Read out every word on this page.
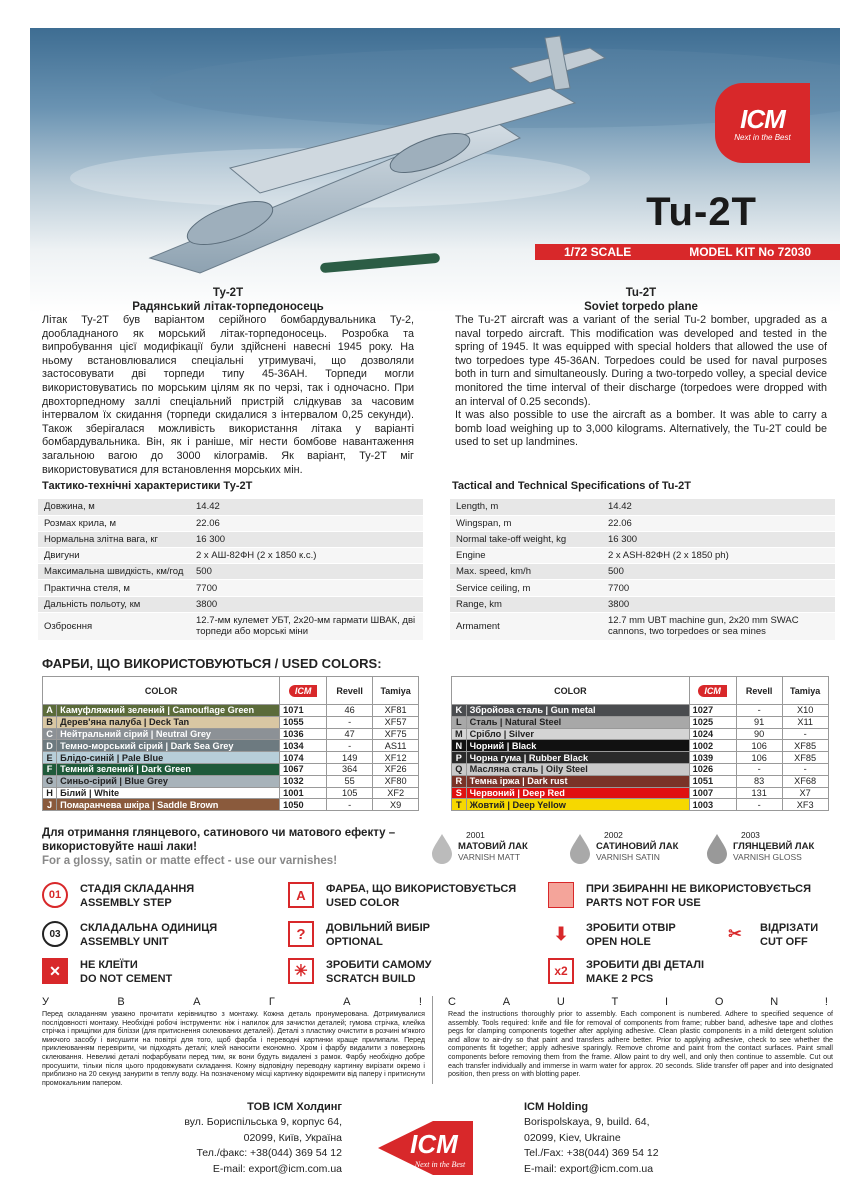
ICM
Next in the Best
Tu-2T
1/72 SCALE	MODEL KIT No 72030
Ту-2Т
Радянський літак-торпедоносець

Літак Ту-2Т був варіантом серійного бомбардувальника Ту-2, дообладнаного як морський літак-торпедоносець. Розробка та випробування цієї модифікації були здійснені навесні 1945 року. На ньому встановлювалися спеціальні утримувачі, що дозволяли застосовувати дві торпеди типу 45-36АН. Торпеди могли використовуватись по морським цілям як по черзі, так і одночасно. При двохторпедному заллі спеціальний пристрій слідкував за часовим інтервалом їх скидання (торпеди скидалися з інтервалом 0,25 секунди). Також зберігалася можливість використання літака у варіанті бомбардувальника. Він, як і раніше, міг нести бомбове навантаження загальною вагою до 3000 кілограмів. Як варіант, Ту-2Т міг використовуватися для встановлення морських мін.

Tu-2T
Soviet torpedo plane

The Tu-2T aircraft was a variant of the serial Tu-2 bomber, upgraded as a naval torpedo aircraft. This modification was developed and tested in the spring of 1945. It was equipped with special holders that allowed the use of two torpedoes type 45-36AN. Torpedoes could be used for naval purposes both in turn and simultaneously. During a two-torpedo volley, a special device monitored the time interval of their discharge (torpedoes were dropped with an interval of 0.25 seconds).

It was also possible to use the aircraft as a bomber. It was able to carry a bomb load weighing up to 3,000 kilograms. Alternatively, the Tu-2T could be used to set up landmines.

Тактико-технічні характеристики Ту-2Т
Довжина, м	14.42
Розмах крила, м	22.06
Нормальна злітна вага, кг	16 300
Двигуни	2 х АШ-82ФН (2 х 1850 к.с.)
Максимальна швидкість, км/год	500
Практична стеля, м	7700
Дальність польоту, км	3800
Озброєння	12.7-мм кулемет УБТ, 2х20-мм гармати ШВАК, дві торпеди або морські міни
Tactical and Technical Specifications of Tu-2T
Length, m	14.42
Wingspan, m	22.06
Normal take-off weight, kg	16 300
Engine	2 x ASH-82ФН (2 x 1850 ph)
Max. speed, km/h	500
Service ceiling, m	7700
Range, km	3800
Armament	12.7 mm UBT machine gun, 2x20 mm SWAC cannons, two torpedoes or sea mines
ФАРБИ, ЩО ВИКОРИСТОВУЮТЬСЯ / USED COLORS:
COLOR		ICM	Revell	Tamiya
A	Камуфляжний зелений | Camouflage Green	1071	46	XF81
B	Дерев'яна палуба | Deck Tan	1055	-	XF57
C	Нейтральний сірий | Neutral Grey	1036	47	XF75
D	Темно-морський сірий | Dark Sea Grey	1034	-	AS11
E	Блідо-синій | Pale Blue	1074	149	XF12
F	Темний зелений | Dark Green	1067	364	XF26
G	Синьо-сірий | Blue Grey	1032	55	XF80
H	Білий | White	1001	105	XF2
J	Помаранчева шкіра | Saddle Brown	1050	-	X9
COLOR		ICM	Revell	Tamiya
K	Збройова сталь | Gun metal	1027	-	X10
L	Сталь | Natural Steel	1025	91	X11
M	Срібло | Silver	1024	90	-
N	Чорний | Black	1002	106	XF85
P	Чорна гума | Rubber Black	1039	106	XF85
Q	Масляна сталь | Oily Steel	1026	-	-
R	Темна іржа | Dark rust	1051	83	XF68
S	Червоний | Deep Red	1007	131	X7
T	Жовтий | Deep Yellow	1003	-	XF3
Для отримання глянцевого, сатинового чи матового ефекту – використовуйте наші лаки!
For a glossy, satin or matte effect - use our varnishes!
2001
МАТОВИЙ ЛАК
VARNISH MATT
2002
САТИНОВИЙ ЛАК
VARNISH SATIN
2003
ГЛЯНЦЕВИЙ ЛАК
VARNISH GLOSS
01	СТАДІЯ СКЛАДАННЯ
ASSEMBLY STEP
03	СКЛАДАЛЬНА ОДИНИЦЯ
ASSEMBLY UNIT
✕	НЕ КЛЕЇТИ
DO NOT CEMENT
A	ФАРБА, ЩО ВИКОРИСТОВУЄТЬСЯ
USED COLOR
?	ДОВІЛЬНИЙ ВИБІР
OPTIONAL
✳	ЗРОБИТИ САМОМУ
SCRATCH BUILD
ПРИ ЗБИРАННІ НЕ ВИКОРИСТОВУЄТЬСЯ
PARTS NOT FOR USE
⬇	ЗРОБИТИ ОТВІР
OPEN HOLE
x2	ЗРОБИТИ ДВІ ДЕТАЛІ
MAKE 2 PCS
✂	ВІДРІЗАТИ
CUT OFF
У	В	А	Г	А	! C	A	U	T	I	O	N	!
Перед складанням уважно прочитати керівництво з монтажу. Кожна деталь пронумерована. Дотримувалися послідовності монтажу. Необхідні робочі інструменти: ніж і напилок для зачистки деталей; гумова стрічка, клейка стрічка і прищіпки для біліззи (для притиснення склеюваних деталей). Деталі з пластику очистити в розчині м'якого миючого засобу і висушити на повітрі для того, щоб фарба і переводні картинки краще прилипали. Перед приклеюванням перевірити, чи підходять деталі; клей наносити економно. Хром і фарбу видалити з поверхонь склеювання. Невеликі деталі пофарбувати перед тим, як вони будуть видалені з рамок. Фарбу необхідно добре просушити, тільки після цього продовжувати складання. Кожну відповідну переводну картинку вирізати окремо і приблизно на 20 секунд занурити в теплу воду. На позначеному місці картинку відокремити від паперу і притиснути промокальним папером.
Read the instructions thoroughly prior to assembly. Each component is numbered. Adhere to specified sequence of assembly. Tools required: knife and file for removal of components from frame; rubber band, adhesive tape and clothes pegs for clamping components together after applying adhesive. Clean plastic components in a mild detergent solution and allow to air-dry so that paint and transfers adhere better. Prior to applying adhesive, check to see whether the components fit together; apply adhesive sparingly. Remove chrome and paint from the contact surfaces. Paint small components before removing them from the frame. Allow paint to dry well, and only then continue to assemble. Cut out each transfer individually and immerse in warm water for approx. 20 seconds. Slide transfer off paper and into designated position, then press on with blotting paper.
ТОВ ICM Холдинг
вул. Бориспільська 9, корпус 64,
02099, Київ, Україна
Тел./факс: +38(044) 369 54 12
E-mail: export@icm.com.ua
ICM
Next in the Best
ICM Holding
Borispolskaya, 9, build. 64,
02099, Kiev, Ukraine
Tel./Fax: +38(044) 369 54 12
E-mail: export@icm.com.ua
